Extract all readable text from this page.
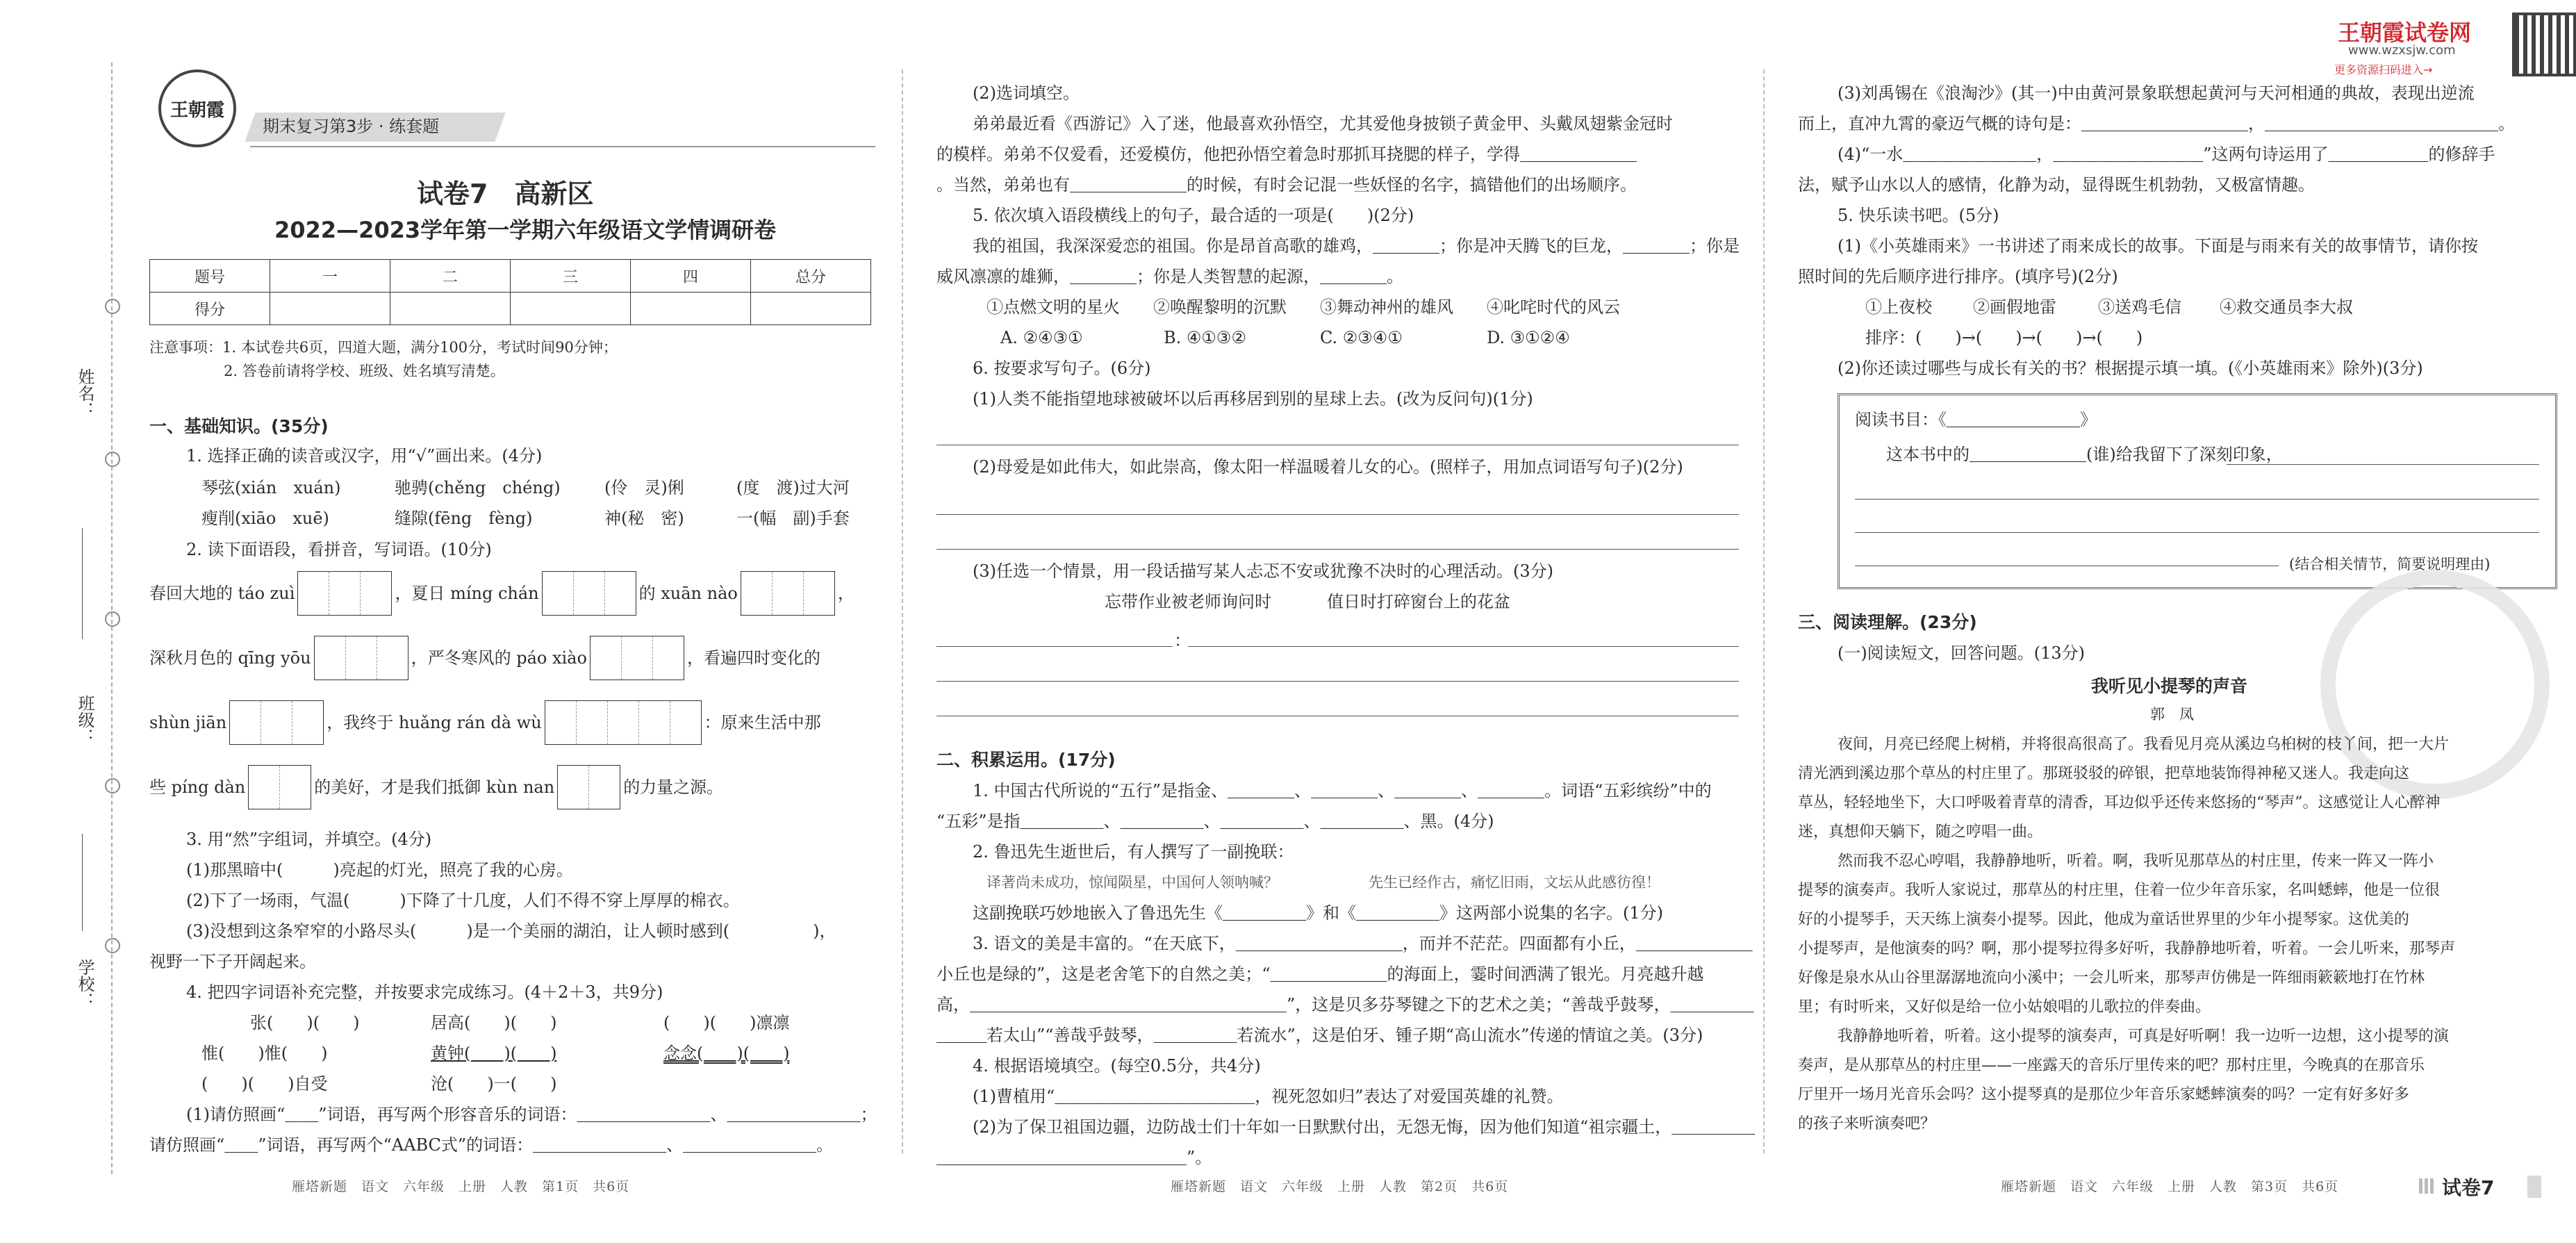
姓名：
班级：
学校：
王朝霞
期末复习第3步 · 练套题
试卷7　高新区
2022—2023学年第一学期六年级语文学情调研卷
题号	一	二	三	四	总分
得分					
注意事项：1. 本试卷共6页，四道大题，满分100分，考试时间90分钟；
2. 答卷前请将学校、班级、姓名填写清楚。
一、基础知识。(35分)
1. 选择正确的读音或汉字，用“√”画出来。(4分)
琴弦(xián　xuán)	驰骋(chěng　chéng)	(伶　灵)俐	(度　渡)过大河
瘦削(xiāo　xuē)	缝隙(fēng　fèng)	神(秘　密)	一(幅　副)手套
2. 读下面语段，看拼音，写词语。(10分)
春回大地的 táo zuì	，夏日 míng chán	的 xuān nào	，
深秋月色的 qīng yōu	，严冬寒风的 páo xiào	，看遍四时变化的
shùn jiān	，我终于 huǎng rán dà wù	：原来生活中那
些 píng dàn	的美好，才是我们抵御 kùn nan	的力量之源。
3. 用“然”字组词，并填空。(4分)
(1)那黑暗中(　　　)亮起的灯光，照亮了我的心房。
(2)下了一场雨，气温(　　　)下降了十几度，人们不得不穿上厚厚的棉衣。
(3)没想到这条窄窄的小路尽头(　　　)是一个美丽的湖泊，让人顿时感到(　　　　　)，
视野一下子开阔起来。
4. 把四字词语补充完整，并按要求完成练习。(4＋2＋3，共9分)
张(　　)(　　)	居高(　　)(　　)	(　　)(　　)凛凛
惟(　　)惟(　　)	黄钟(　　)(　　)	念念(　　)(　　)
(　　)(　　)自受	沧(　　)一(　　)
(1)请仿照画“＿＿”词语，再写两个形容音乐的词语：＿＿＿＿＿＿＿＿、＿＿＿＿＿＿＿＿；
请仿照画“＿＿”词语，再写两个“AABC式”的词语：＿＿＿＿＿＿＿＿、＿＿＿＿＿＿＿＿。
雁塔新题　语文　六年级　上册　人教　第1页　共6页
(2)选词填空。
弟弟最近看《西游记》入了迷，他最喜欢孙悟空，尤其爱他身披锁子黄金甲、头戴凤翅紫金冠时
的模样。弟弟不仅爱看，还爱模仿，他把孙悟空着急时那抓耳挠腮的样子，学得＿＿＿＿＿＿＿
。当然，弟弟也有＿＿＿＿＿＿＿的时候，有时会记混一些妖怪的名字，搞错他们的出场顺序。
5. 依次填入语段横线上的句子，最合适的一项是(　　)(2分)
我的祖国，我深深爱恋的祖国。你是昂首高歌的雄鸡，＿＿＿＿；你是冲天腾飞的巨龙，＿＿＿＿；你是
威风凛凛的雄狮，＿＿＿＿；你是人类智慧的起源，＿＿＿＿。
①点燃文明的星火 ②唤醒黎明的沉默 ③舞动神州的雄风 ④叱咤时代的风云
A. ②④③①	B. ④①③②	C. ②③④①	D. ③①②④
6. 按要求写句子。(6分)
(1)人类不能指望地球被破坏以后再移居到别的星球上去。(改为反问句)(1分)
(2)母爱是如此伟大，如此崇高，像太阳一样温暖着儿女的心。(照样子，用加点词语写句子)(2分)
(3)任选一个情景，用一段话描写某人忐忑不安或犹豫不决时的心理活动。(3分)
忘带作业被老师询问时	值日时打碎窗台上的花盆
：
二、积累运用。(17分)
1. 中国古代所说的“五行”是指金、＿＿＿＿、＿＿＿＿、＿＿＿＿、＿＿＿＿。词语“五彩缤纷”中的
“五彩”是指＿＿＿＿＿、＿＿＿＿＿、＿＿＿＿＿、＿＿＿＿＿、黑。(4分)
2. 鲁迅先生逝世后，有人撰写了一副挽联：
译著尚未成功，惊闻陨星，中国何人领呐喊？	先生已经作古，痛忆旧雨，文坛从此感彷徨！
这副挽联巧妙地嵌入了鲁迅先生《＿＿＿＿＿》和《＿＿＿＿＿》这两部小说集的名字。(1分)
3. 语文的美是丰富的。“在天底下，＿＿＿＿＿＿＿＿＿＿，而并不茫茫。四面都有小丘，＿＿＿＿＿＿＿
小丘也是绿的”，这是老舍笔下的自然之美；“＿＿＿＿＿＿＿的海面上，霎时间洒满了银光。月亮越升越
高，＿＿＿＿＿＿＿＿＿＿＿＿＿＿＿＿＿＿＿”，这是贝多芬琴键之下的艺术之美；“善哉乎鼓琴，＿＿＿＿＿
＿＿＿若太山”“善哉乎鼓琴，＿＿＿＿＿若流水”，这是伯牙、锺子期“高山流水”传递的情谊之美。(3分)
4. 根据语境填空。(每空0.5分，共4分)
(1)曹植用“＿＿＿＿＿＿＿＿＿＿＿＿，视死忽如归”表达了对爱国英雄的礼赞。
(2)为了保卫祖国边疆，边防战士们十年如一日默默付出，无怨无悔，因为他们知道“祖宗疆土，＿＿＿＿＿
＿＿＿＿＿＿＿＿＿＿＿＿＿＿＿”。
雁塔新题　语文　六年级　上册　人教　第2页　共6页
王朝霞试卷网
www.wzxsjw.com
更多资源扫码进入→
(3)刘禹锡在《浪淘沙》(其一)中由黄河景象联想起黄河与天河相通的典故，表现出逆流
而上，直冲九霄的豪迈气概的诗句是：＿＿＿＿＿＿＿＿＿＿，＿＿＿＿＿＿＿＿＿＿＿＿＿＿。
(4)“一水＿＿＿＿＿＿＿＿，＿＿＿＿＿＿＿＿＿”这两句诗运用了＿＿＿＿＿＿的修辞手
法，赋予山水以人的感情，化静为动，显得既生机勃勃，又极富情趣。
5. 快乐读书吧。(5分)
(1)《小英雄雨来》一书讲述了雨来成长的故事。下面是与雨来有关的故事情节，请你按
照时间的先后顺序进行排序。(填序号)(2分)
①上夜校 ②画假地雷	③送鸡毛信 ④救交通员李大叔
排序：(　　)→(　　)→(　　)→(　　)
(2)你还读过哪些与成长有关的书？根据提示填一填。(《小英雄雨来》除外)(3分)
阅读书目：《＿＿＿＿＿＿＿＿》
这本书中的＿＿＿＿＿＿＿(谁)给我留下了深刻印象，
(结合相关情节，简要说明理由)
三、阅读理解。(23分)
(一)阅读短文，回答问题。(13分)
我听见小提琴的声音
郭　凤
夜间，月亮已经爬上树梢，并将很高很高了。我看见月亮从溪边乌桕树的枝丫间，把一大片
清光洒到溪边那个草丛的村庄里了。那斑驳驳的碎银，把草地装饰得神秘又迷人。我走向这
草丛，轻轻地坐下，大口呼吸着青草的清香，耳边似乎还传来悠扬的“琴声”。这感觉让人心醉神
迷，真想仰天躺下，随之哼唱一曲。
然而我不忍心哼唱，我静静地听，听着。啊，我听见那草丛的村庄里，传来一阵又一阵小
提琴的演奏声。我听人家说过，那草丛的村庄里，住着一位少年音乐家，名叫蟋蟀，他是一位很
好的小提琴手，天天练上演奏小提琴。因此，他成为童话世界里的少年小提琴家。这优美的
小提琴声，是他演奏的吗？啊，那小提琴拉得多好听，我静静地听着，听着。一会儿听来，那琴声
好像是泉水从山谷里潺潺地流向小溪中；一会儿听来，那琴声仿佛是一阵细雨簌簌地打在竹林
里；有时听来，又好似是给一位小姑娘唱的儿歌拉的伴奏曲。
我静静地听着，听着。这小提琴的演奏声，可真是好听啊！我一边听一边想，这小提琴的演
奏声，是从那草丛的村庄里——一座露天的音乐厅里传来的吧？那村庄里，今晚真的在那音乐
厅里开一场月光音乐会吗？这小提琴真的是那位少年音乐家蟋蟀演奏的吗？一定有好多好多
的孩子来听演奏吧？
雁塔新题　语文　六年级　上册　人教　第3页　共6页	试卷7
